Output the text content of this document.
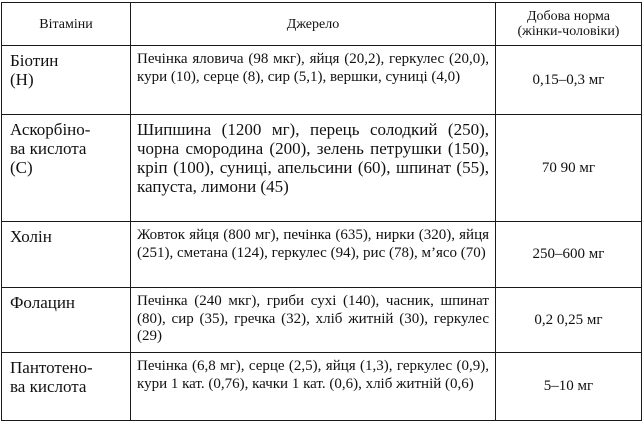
Вітаміни	Джерело	Добова норма (жінки-чоловіки)

Біотин
(Н)	Печінка яловича (98 мкг), яйця (20,2), геркулес (20,0), кури (10), серце (8), сир (5,1), вершки, суниці (4,0)	0,15–0,3 мг

Аскорбіно-
ва кислота
(С)	Шипшина (1200 мг), перець солодкий (250), чорна смородина (200), зелень петрушки (150), кріп (100), суниці, апельсини (60), шпинат (55), капуста, лимони (45)	70 90 мг

Холін	Жовток яйця (800 мг), печінка (635), нирки (320), яйця (251), сметана (124), геркулес (94), рис (78), м’ясо (70)	250–600 мг

Фолацин	Печінка (240 мкг), гриби сухі (140), часник, шпинат (80), сир (35), гречка (32), хліб житній (30), геркулес (29)	0,2 0,25 мг

Пантотено-
ва кислота	Печінка (6,8 мг), серце (2,5), яйця (1,3), геркулес (0,9), кури 1 кат. (0,76), качки 1 кат. (0,6), хліб житній (0,6)	5–10 мг
